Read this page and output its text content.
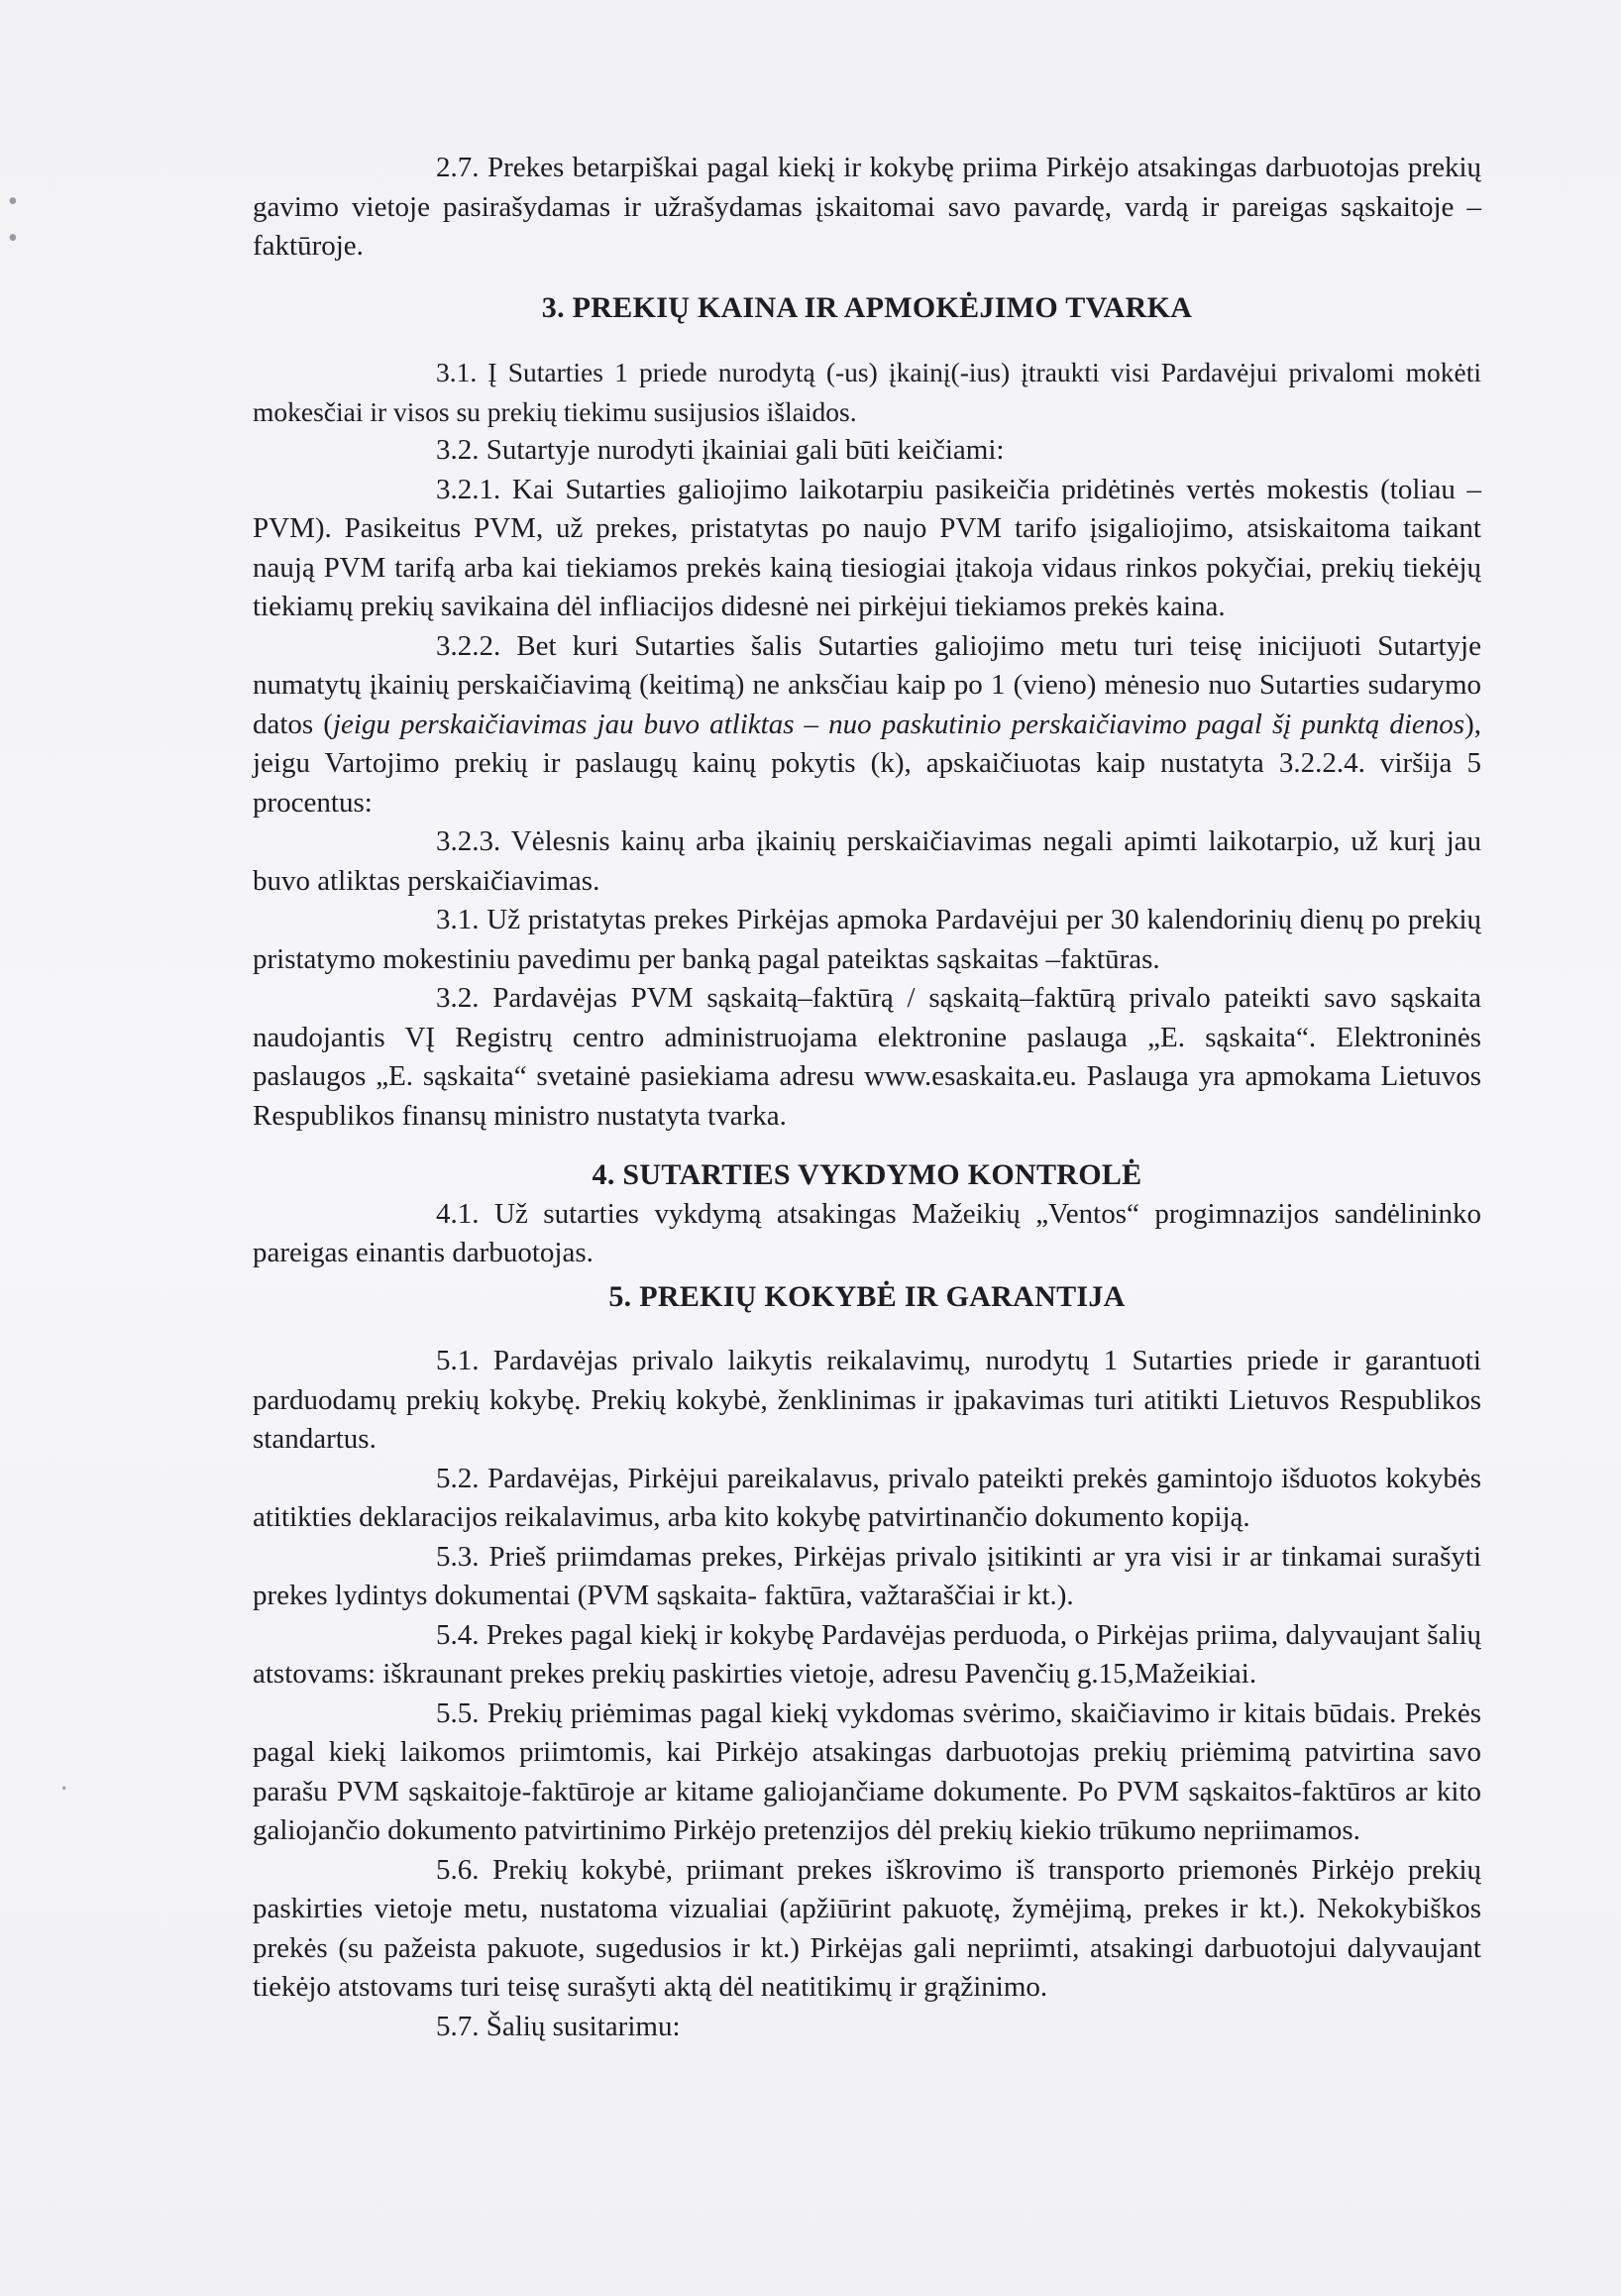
•
•
·

2.7. Prekes betarpiškai pagal kiekį ir kokybę priima Pirkėjo atsakingas darbuotojas prekių gavimo vietoje pasirašydamas ir užrašydamas įskaitomai savo pavardę, vardą ir pareigas sąskaitoje – faktūroje.

3. PREKIŲ KAINA IR APMOKĖJIMO TVARKA

3.1. Į Sutarties 1 priede nurodytą (-us) įkainį(-ius) įtraukti visi Pardavėjui privalomi mokėti mokesčiai ir visos su prekių tiekimu susijusios išlaidos.

3.2. Sutartyje nurodyti įkainiai gali būti keičiami:

3.2.1. Kai Sutarties galiojimo laikotarpiu pasikeičia pridėtinės vertės mokestis (toliau – PVM). Pasikeitus PVM, už prekes, pristatytas po naujo PVM tarifo įsigaliojimo, atsiskaitoma taikant naują PVM tarifą arba kai tiekiamos prekės kainą tiesiogiai įtakoja vidaus rinkos pokyčiai, prekių tiekėjų tiekiamų prekių savikaina dėl infliacijos didesnė nei pirkėjui tiekiamos prekės kaina.

3.2.2. Bet kuri Sutarties šalis Sutarties galiojimo metu turi teisę inicijuoti Sutartyje numatytų įkainių perskaičiavimą (keitimą) ne anksčiau kaip po 1 (vieno) mėnesio nuo Sutarties sudarymo datos (jeigu perskaičiavimas jau buvo atliktas – nuo paskutinio perskaičiavimo pagal šį punktą dienos), jeigu Vartojimo prekių ir paslaugų kainų pokytis (k), apskaičiuotas kaip nustatyta 3.2.2.4. viršija 5 procentus:

3.2.3. Vėlesnis kainų arba įkainių perskaičiavimas negali apimti laikotarpio, už kurį jau buvo atliktas perskaičiavimas.

3.1. Už pristatytas prekes Pirkėjas apmoka Pardavėjui per 30 kalendorinių dienų po prekių pristatymo mokestiniu pavedimu per banką pagal pateiktas sąskaitas –faktūras.

3.2. Pardavėjas PVM sąskaitą–faktūrą / sąskaitą–faktūrą privalo pateikti savo sąskaita naudojantis VĮ Registrų centro administruojama elektronine paslauga „E. sąskaita“. Elektroninės paslaugos „E. sąskaita“ svetainė pasiekiama adresu www.esaskaita.eu. Paslauga yra apmokama Lietuvos Respublikos finansų ministro nustatyta tvarka.

4. SUTARTIES VYKDYMO KONTROLĖ

4.1. Už sutarties vykdymą atsakingas Mažeikių „Ventos“ progimnazijos sandėlininko pareigas einantis darbuotojas.

5. PREKIŲ KOKYBĖ IR GARANTIJA

5.1. Pardavėjas privalo laikytis reikalavimų, nurodytų 1 Sutarties priede ir garantuoti parduodamų prekių kokybę. Prekių kokybė, ženklinimas ir įpakavimas turi atitikti Lietuvos Respublikos standartus.

5.2. Pardavėjas, Pirkėjui pareikalavus, privalo pateikti prekės gamintojo išduotos kokybės atitikties deklaracijos reikalavimus, arba kito kokybę patvirtinančio dokumento kopiją.

5.3. Prieš priimdamas prekes, Pirkėjas privalo įsitikinti ar yra visi ir ar tinkamai surašyti prekes lydintys dokumentai (PVM sąskaita- faktūra, važtaraščiai ir kt.).

5.4. Prekes pagal kiekį ir kokybę Pardavėjas perduoda, o Pirkėjas priima, dalyvaujant šalių atstovams: iškraunant prekes prekių paskirties vietoje, adresu Pavenčių g.15,Mažeikiai.

5.5. Prekių priėmimas pagal kiekį vykdomas svėrimo, skaičiavimo ir kitais būdais. Prekės pagal kiekį laikomos priimtomis, kai Pirkėjo atsakingas darbuotojas prekių priėmimą patvirtina savo parašu PVM sąskaitoje-faktūroje ar kitame galiojančiame dokumente. Po PVM sąskaitos-faktūros ar kito galiojančio dokumento patvirtinimo Pirkėjo pretenzijos dėl prekių kiekio trūkumo nepriimamos.

5.6. Prekių kokybė, priimant prekes iškrovimo iš transporto priemonės Pirkėjo prekių paskirties vietoje metu, nustatoma vizualiai (apžiūrint pakuotę, žymėjimą, prekes ir kt.). Nekokybiškos prekės (su pažeista pakuote, sugedusios ir kt.) Pirkėjas gali nepriimti, atsakingi darbuotojui dalyvaujant tiekėjo atstovams turi teisę surašyti aktą dėl neatitikimų ir grąžinimo.

5.7. Šalių susitarimu:
